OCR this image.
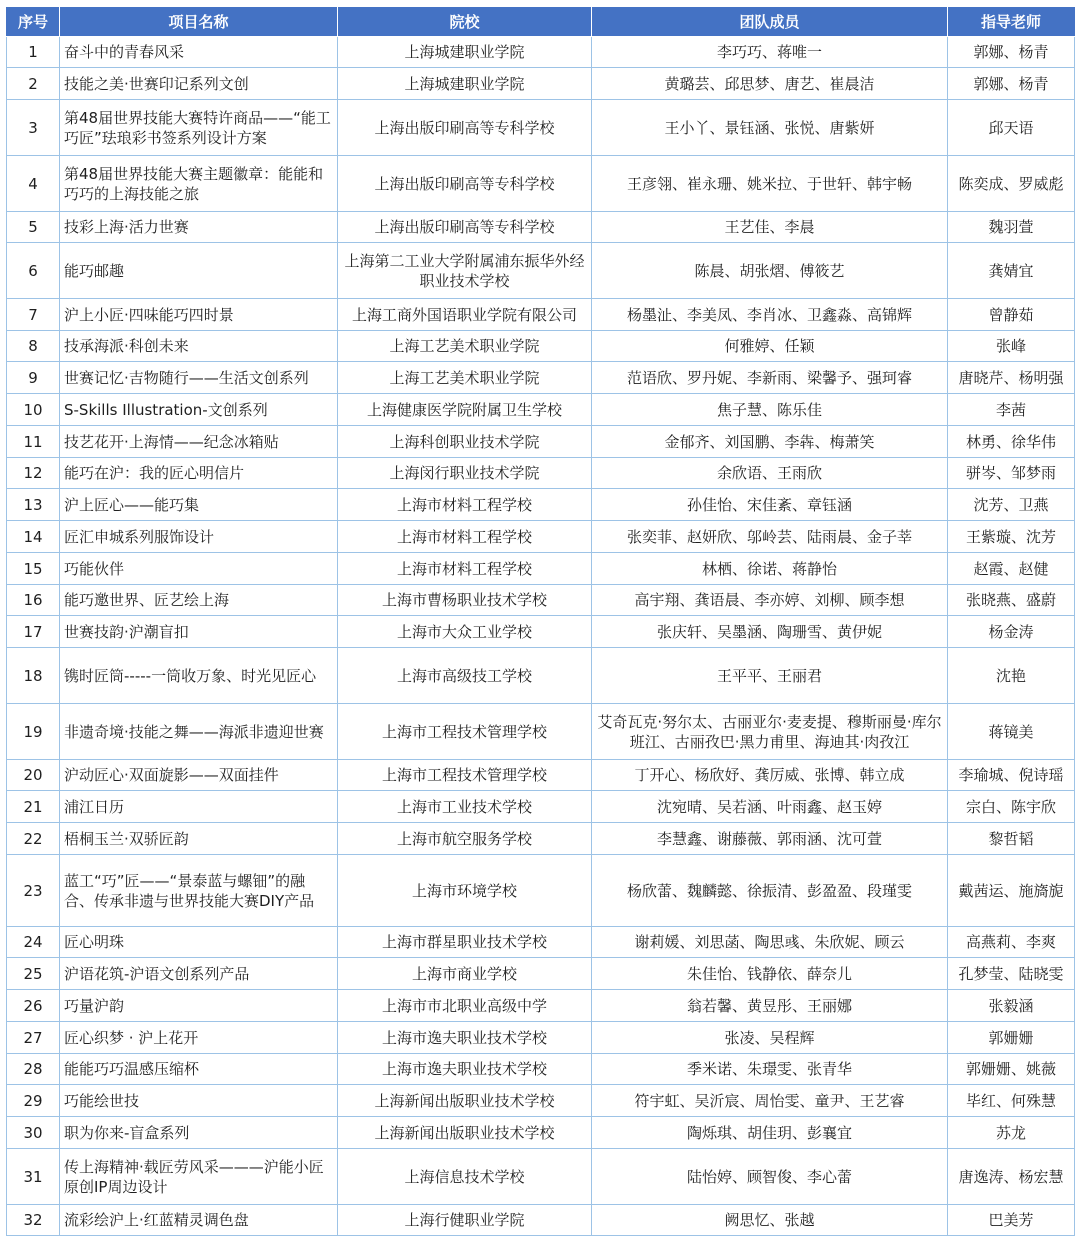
序号	项目名称	院校	团队成员	指导老师
1	奋斗中的青春风采	上海城建职业学院	李巧巧、蒋唯一	郭娜、杨青
2	技能之美·世赛印记系列文创	上海城建职业学院	黄璐芸、邱思梦、唐艺、崔晨洁	郭娜、杨青
3	第48届世界技能大赛特许商品——“能工巧匠”珐琅彩书签系列设计方案	上海出版印刷高等专科学校	王小丫、景钰涵、张悦、唐紫妍	邱天语
4	第48届世界技能大赛主题徽章：能能和巧巧的上海技能之旅	上海出版印刷高等专科学校	王彦翎、崔永珊、姚米拉、于世轩、韩宇畅	陈奕成、罗威彪
5	技彩上海·活力世赛	上海出版印刷高等专科学校	王艺佳、李晨	魏羽萱
6	能巧邮趣	上海第二工业大学附属浦东振华外经职业技术学校	陈晨、胡张熠、傅筱艺	龚婧宜
7	沪上小匠·四味能巧四时景	上海工商外国语职业学院有限公司	杨墨沚、李美凤、李肖冰、卫鑫淼、高锦辉	曾静茹
8	技承海派·科创未来	上海工艺美术职业学院	何雅婷、任颖	张峰
9	世赛记忆·吉物随行——生活文创系列	上海工艺美术职业学院	范语欣、罗丹妮、李新雨、梁馨予、强珂睿	唐晓芹、杨明强
10	S-Skills Illustration-文创系列	上海健康医学院附属卫生学校	焦子慧、陈乐佳	李茜
11	技艺花开·上海情——纪念冰箱贴	上海科创职业技术学院	金郁齐、刘国鹏、李犇、梅萧笑	林勇、徐华伟
12	能巧在沪：我的匠心明信片	上海闵行职业技术学院	余欣语、王雨欣	骈岑、邹梦雨
13	沪上匠心——能巧集	上海市材料工程学校	孙佳怡、宋佳紊、章钰涵	沈芳、卫燕
14	匠汇申城系列服饰设计	上海市材料工程学校	张奕菲、赵妍欣、邬岭芸、陆雨晨、金子莘	王紫璇、沈芳
15	巧能伙伴	上海市材料工程学校	林栖、徐诺、蒋静怡	赵霞、赵健
16	能巧邀世界、匠艺绘上海	上海市曹杨职业技术学校	高宇翔、龚语晨、李亦婷、刘柳、顾李想	张晓燕、盛蔚
17	世赛技韵·沪潮盲扣	上海市大众工业学校	张庆轩、吴墨涵、陶珊雪、黄伊妮	杨金涛
18	镌时匠筒-----一筒收万象、时光见匠心	上海市高级技工学校	王平平、王丽君	沈艳
19	非遗奇境·技能之舞——海派非遗迎世赛	上海市工程技术管理学校	艾奇瓦克·努尔太、古丽亚尔·麦麦提、穆斯丽曼·库尔班江、古丽孜巴·黑力甫里、海迪其·肉孜江	蒋镜美
20	沪动匠心·双面旋影——双面挂件	上海市工程技术管理学校	丁开心、杨欣妤、龚厉威、张博、韩立成	李瑜城、倪诗瑶
21	浦江日历	上海市工业技术学校	沈宛晴、吴若涵、叶雨鑫、赵玉婷	宗白、陈宇欣
22	梧桐玉兰·双骄匠韵	上海市航空服务学校	李慧鑫、谢藤薇、郭雨涵、沈可萱	黎哲韬
23	蓝工“巧”匠——“景泰蓝与螺钿”的融合、传承非遗与世界技能大赛DIY产品	上海市环境学校	杨欣蕾、魏麟懿、徐振清、彭盈盈、段瑾雯	戴茜运、施旖旎
24	匠心明珠	上海市群星职业技术学校	谢莉媛、刘思菡、陶思彧、朱欣妮、顾云	高燕莉、李爽
25	沪语花筑-沪语文创系列产品	上海市商业学校	朱佳怡、钱静依、薛奈儿	孔梦莹、陆晓雯
26	巧量沪韵	上海市市北职业高级中学	翁若馨、黄昱彤、王丽娜	张毅涵
27	匠心织梦 · 沪上花开	上海市逸夫职业技术学校	张凌、吴程辉	郭姗姗
28	能能巧巧温感压缩杯	上海市逸夫职业技术学校	季米诺、朱璟雯、张青华	郭姗姗、姚薇
29	巧能绘世技	上海新闻出版职业技术学校	符宇虹、吴沂宸、周怡雯、童尹、王艺睿	毕红、何殊慧
30	职为你来-盲盒系列	上海新闻出版职业技术学校	陶烁琪、胡佳玥、彭襄宜	苏龙
31	传上海精神·载匠劳风采———沪能小匠原创IP周边设计	上海信息技术学校	陆怡婷、顾智俊、李心蕾	唐逸涛、杨宏慧
32	流彩绘沪上·红蓝精灵调色盘	上海行健职业学院	阙思忆、张越	巴美芳
